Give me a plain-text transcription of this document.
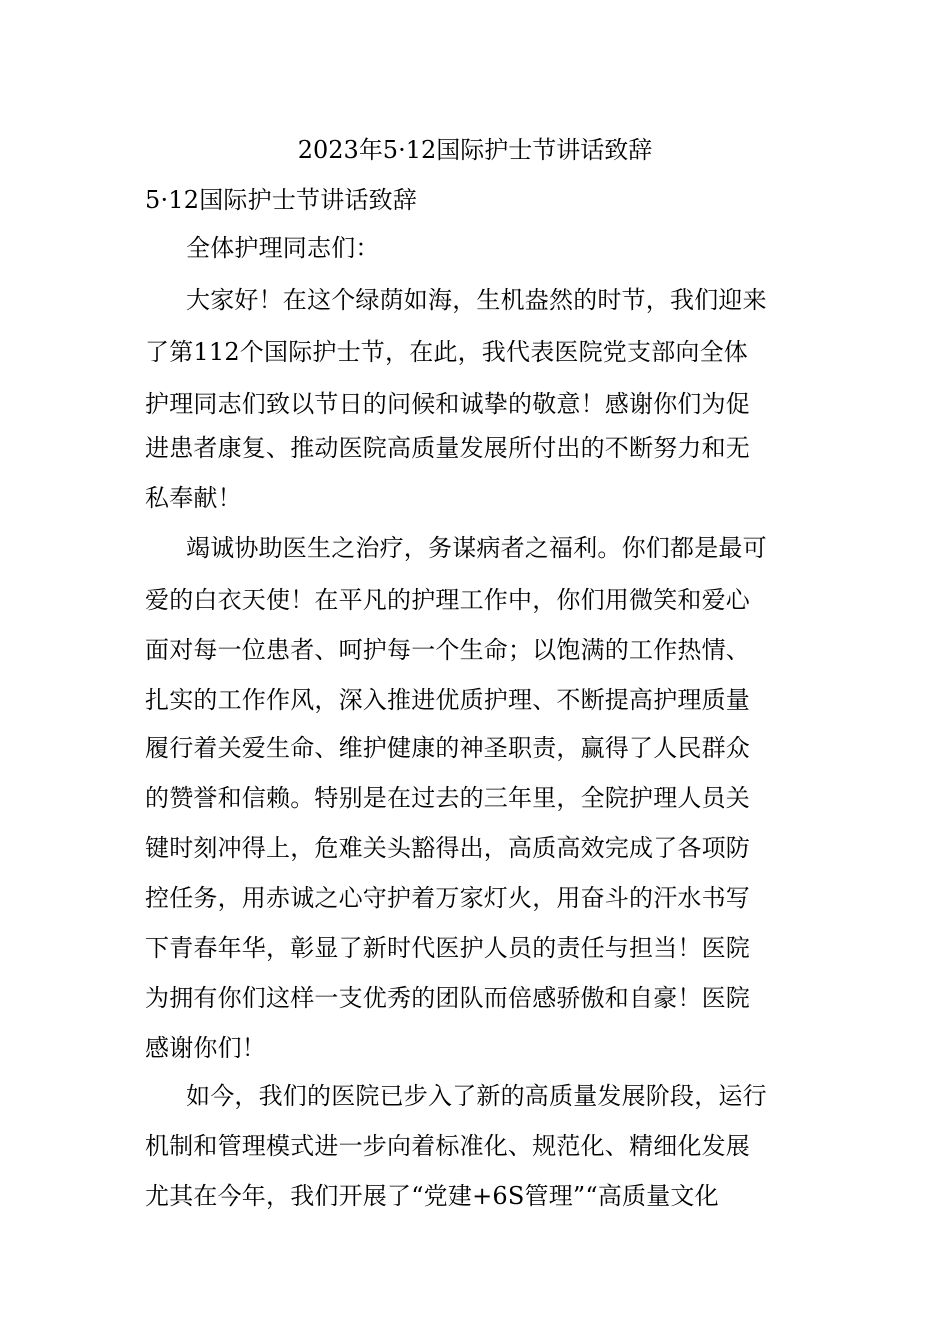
2023年5·12国际护士节讲话致辞
5·12国际护士节讲话致辞
全体护理同志们：
大家好！在这个绿荫如海，生机盎然的时节，我们迎来
了第112个国际护士节，在此，我代表医院党支部向全体
护理同志们致以节日的问候和诚挚的敬意！感谢你们为促
进患者康复、推动医院高质量发展所付出的不断努力和无
私奉献！
竭诚协助医生之治疗，务谋病者之福利。你们都是最可
爱的白衣天使！在平凡的护理工作中，你们用微笑和爱心
面对每一位患者、呵护每一个生命；以饱满的工作热情、
扎实的工作作风，深入推进优质护理、不断提高护理质量
履行着关爱生命、维护健康的神圣职责，赢得了人民群众
的赞誉和信赖。特别是在过去的三年里，全院护理人员关
键时刻冲得上，危难关头豁得出，高质高效完成了各项防
控任务，用赤诚之心守护着万家灯火，用奋斗的汗水书写
下青春年华，彰显了新时代医护人员的责任与担当！医院
为拥有你们这样一支优秀的团队而倍感骄傲和自豪！医院
感谢你们！
如今，我们的医院已步入了新的高质量发展阶段，运行
机制和管理模式进一步向着标准化、规范化、精细化发展
尤其在今年，我们开展了“党建+6S管理”“高质量文化
